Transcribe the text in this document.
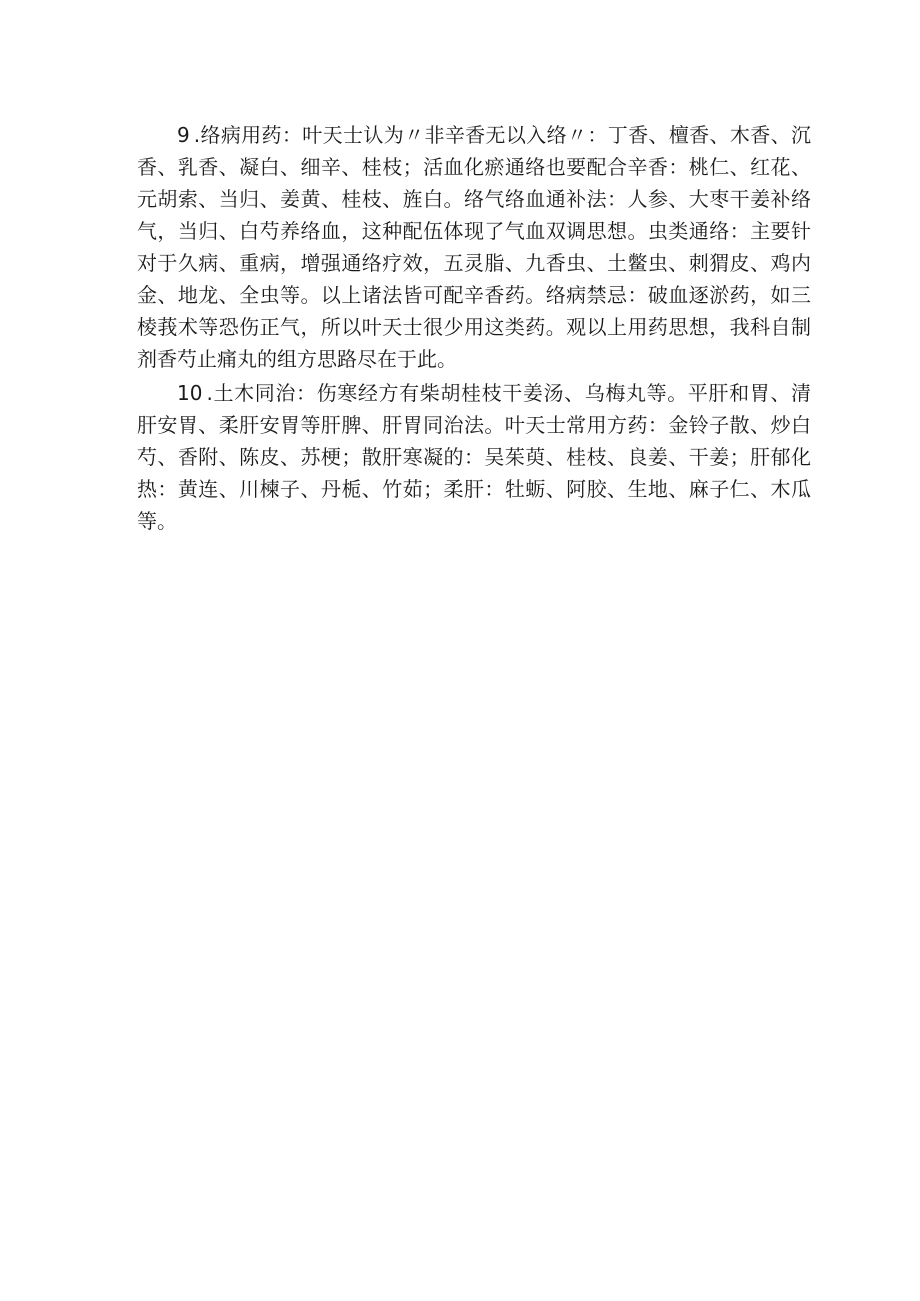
9 .络病用药：叶天士认为〃非辛香无以入络〃：丁香、檀香、木香、沉香、乳香、凝白、细辛、桂枝；活血化瘀通络也要配合辛香：桃仁、红花、元胡索、当归、姜黄、桂枝、旌白。络气络血通补法：人参、大枣干姜补络气，当归、白芍养络血，这种配伍体现了气血双调思想。虫类通络：主要针对于久病、重病，增强通络疗效，五灵脂、九香虫、土鳖虫、刺猬皮、鸡内金、地龙、全虫等。以上诸法皆可配辛香药。络病禁忌：破血逐淤药，如三棱莪术等恐伤正气，所以叶天士很少用这类药。观以上用药思想，我科自制剂香芍止痛丸的组方思路尽在于此。

10 .土木同治：伤寒经方有柴胡桂枝干姜汤、乌梅丸等。平肝和胃、清肝安胃、柔肝安胃等肝脾、肝胃同治法。叶天士常用方药：金铃子散、炒白芍、香附、陈皮、苏梗；散肝寒凝的：吴茱萸、桂枝、良姜、干姜；肝郁化热：黄连、川楝子、丹栀、竹茹；柔肝：牡蛎、阿胶、生地、麻子仁、木瓜等。
